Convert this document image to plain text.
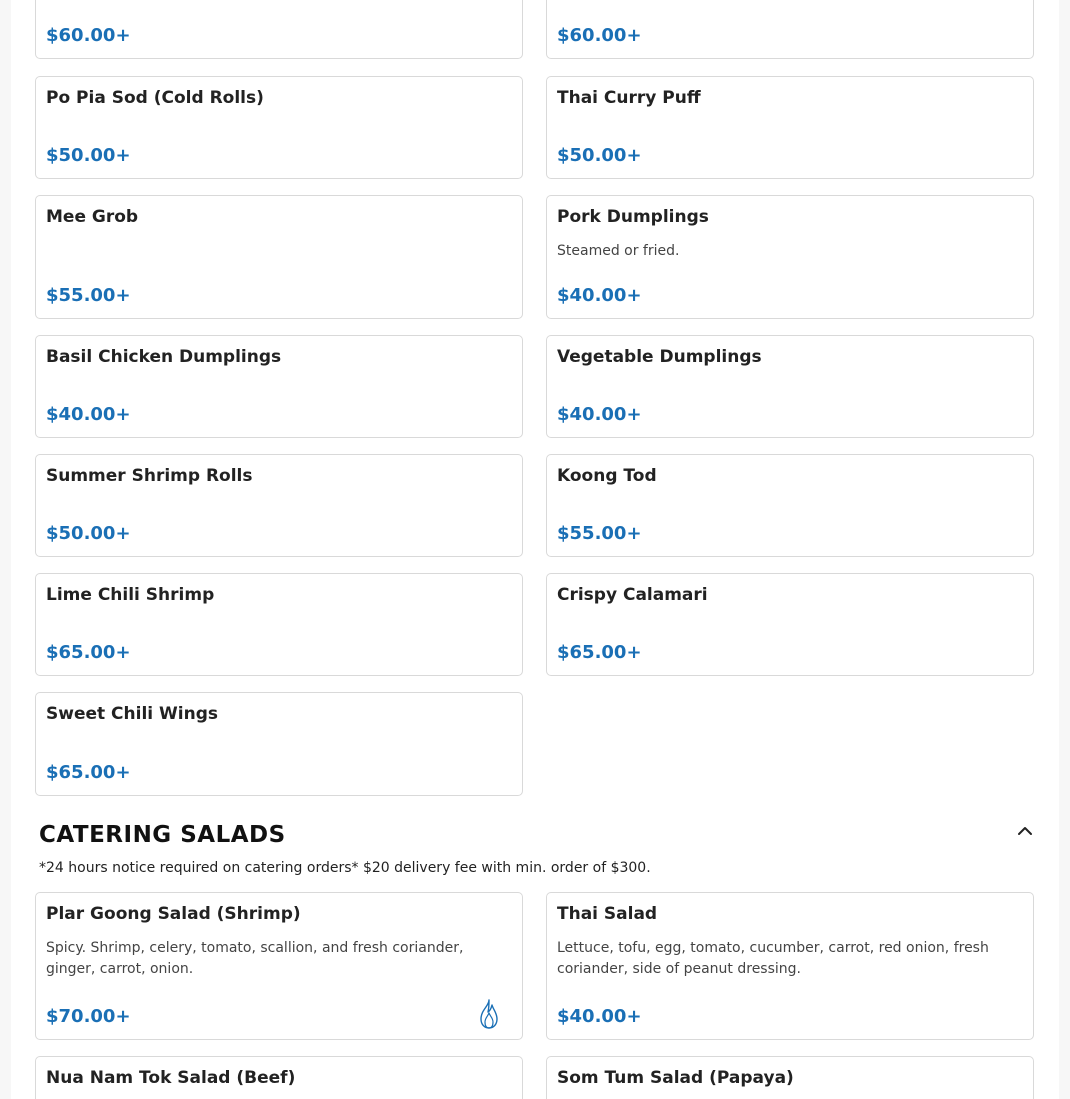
$60.00+	$60.00+
Po Pia Sod (Cold Rolls)
$50.00+
Thai Curry Puff
$50.00+
Mee Grob
$55.00+
Pork Dumplings
Steamed or fried.
$40.00+
Basil Chicken Dumplings
$40.00+
Vegetable Dumplings
$40.00+
Summer Shrimp Rolls
$50.00+
Koong Tod
$55.00+
Lime Chili Shrimp
$65.00+
Crispy Calamari
$65.00+
Sweet Chili Wings
$65.00+
CATERING SALADS
*24 hours notice required on catering orders* $20 delivery fee with min. order of $300.
Plar Goong Salad (Shrimp)
Spicy. Shrimp, celery, tomato, scallion, and fresh coriander, ginger, carrot, onion.
$70.00+
Thai Salad
Lettuce, tofu, egg, tomato, cucumber, carrot, red onion, fresh coriander, side of peanut dressing.
$40.00+
Nua Nam Tok Salad (Beef)	Som Tum Salad (Papaya)
